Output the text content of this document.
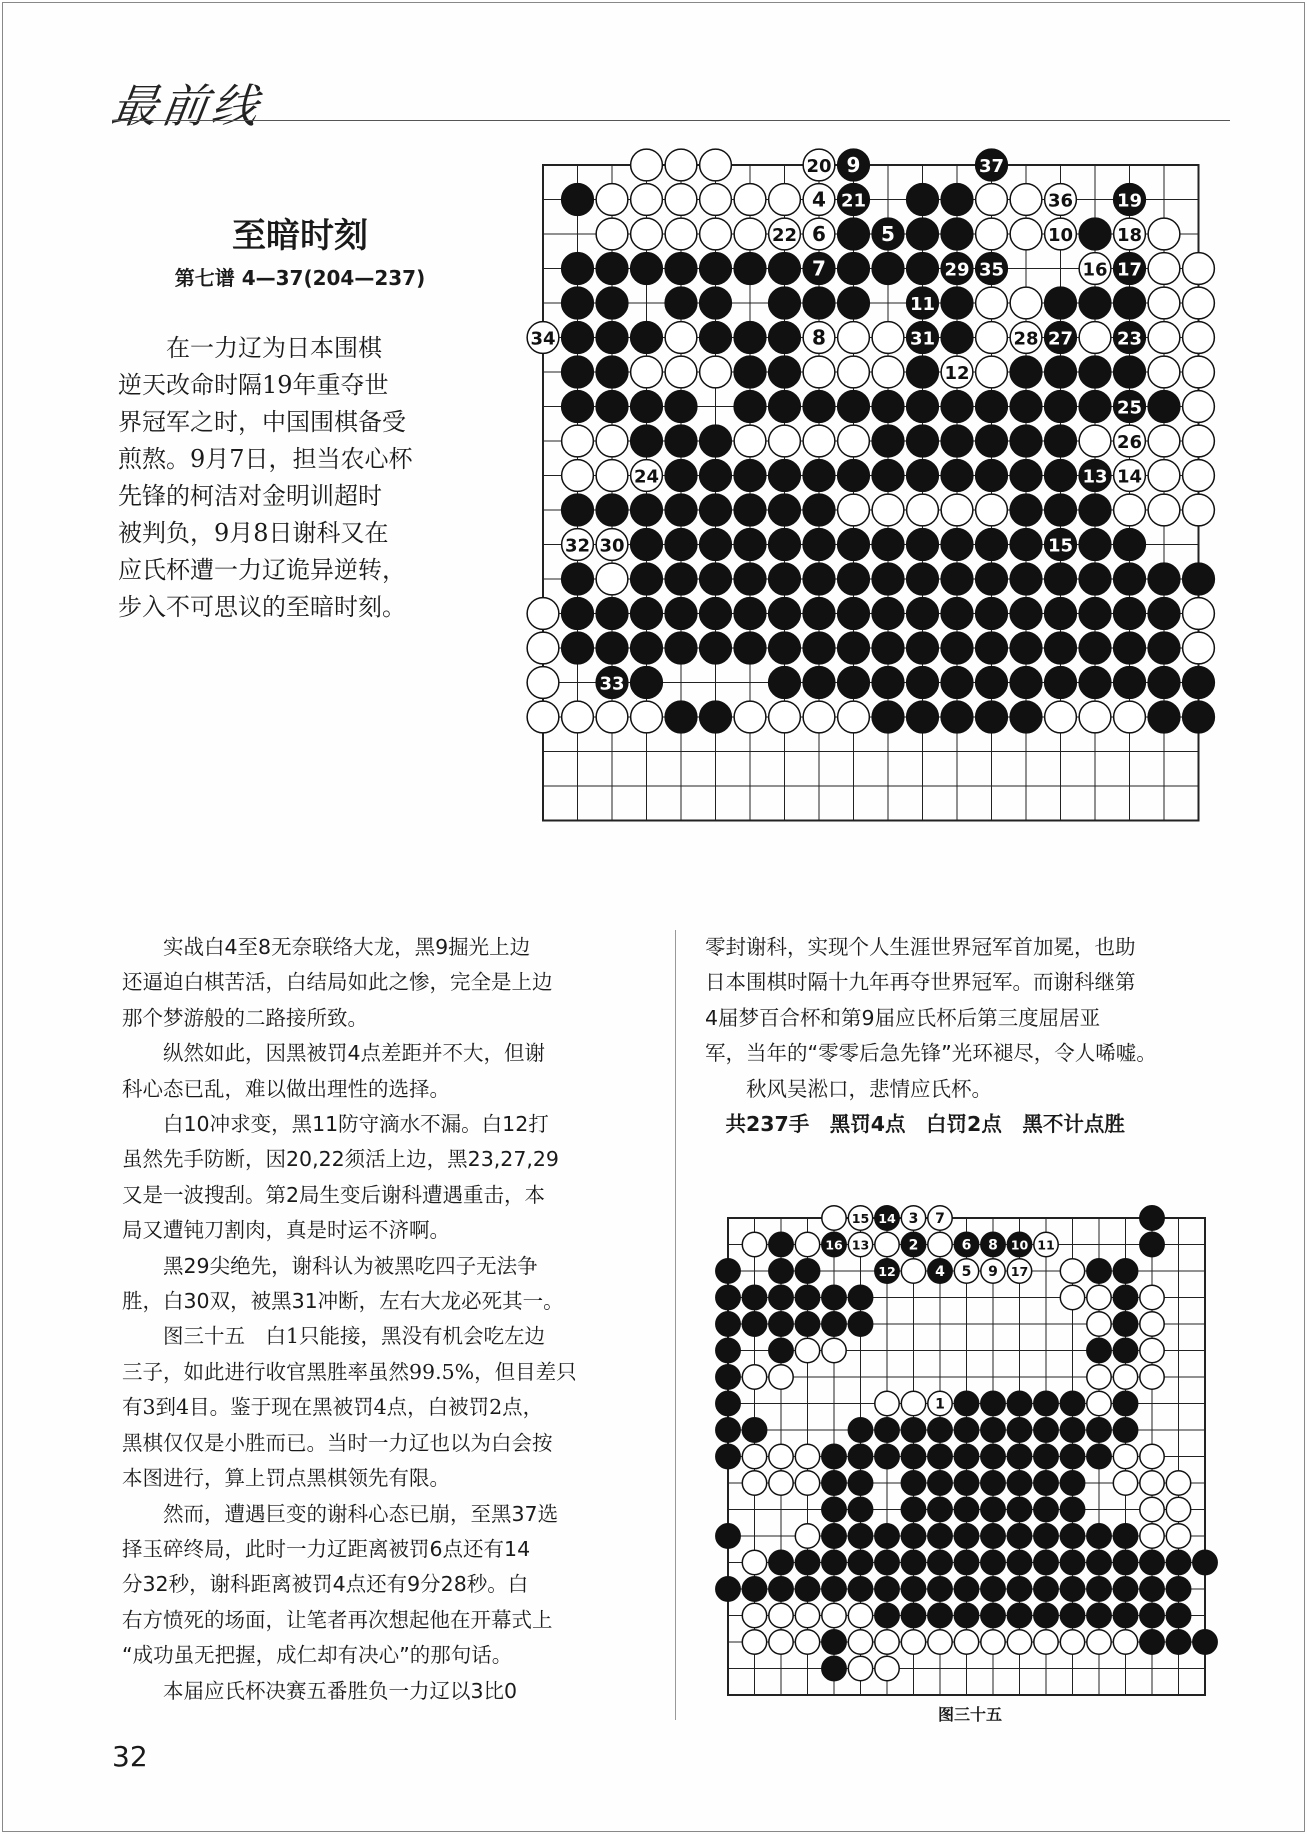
最前线
至暗时刻
第七谱 4—37(204—237)
　　在一力辽为日本围棋
逆天改命时隔19年重夺世
界冠军之时，中国围棋备受
煎熬。9月7日，担当农心杯
先锋的柯洁对金明训超时
被判负，9月8日谢科又在
应氏杯遭一力辽诡异逆转，
步入不可思议的至暗时刻。
20 9	37
4 21	36 19
22 6	5	10 18
7	29 35	16 17
11
34	8	31	28 27 23
12
25
26
24	13 14
32 30	15
33
　　实战白4至8无奈联络大龙，黑9掘光上边
还逼迫白棋苦活，白结局如此之惨，完全是上边
那个梦游般的二路接所致。
　　纵然如此，因黑被罚4点差距并不大，但谢
科心态已乱，难以做出理性的选择。
　　白10冲求变，黑11防守滴水不漏。白12打
虽然先手防断，因20,22须活上边，黑23,27,29
又是一波搜刮。第2局生变后谢科遭遇重击，本
局又遭钝刀割肉，真是时运不济啊。
　　黑29尖绝先，谢科认为被黑吃四子无法争
胜，白30双，被黑31冲断，左右大龙必死其一。
　　图三十五　白1只能接，黑没有机会吃左边
三子，如此进行收官黑胜率虽然99.5%，但目差只
有3到4目。鉴于现在黑被罚4点，白被罚2点，
黑棋仅仅是小胜而已。当时一力辽也以为白会按
本图进行，算上罚点黑棋领先有限。
　　然而，遭遇巨变的谢科心态已崩，至黑37选
择玉碎终局，此时一力辽距离被罚6点还有14
分32秒，谢科距离被罚4点还有9分28秒。白
右方愤死的场面，让笔者再次想起他在开幕式上
“成功虽无把握，成仁却有决心”的那句话。
　　本届应氏杯决赛五番胜负一力辽以3比0
零封谢科，实现个人生涯世界冠军首加冕，也助
日本围棋时隔十九年再夺世界冠军。而谢科继第
4届梦百合杯和第9届应氏杯后第三度屈居亚
军，当年的“零零后急先锋”光环褪尽，令人唏嘘。
　　秋风吴淞口，悲情应氏杯。
　共237手　黑罚4点　白罚2点　黑不计点胜
15 14 3 7
16 13	2	6 8 10 11
12	4 5 9 17
1
图三十五
32
